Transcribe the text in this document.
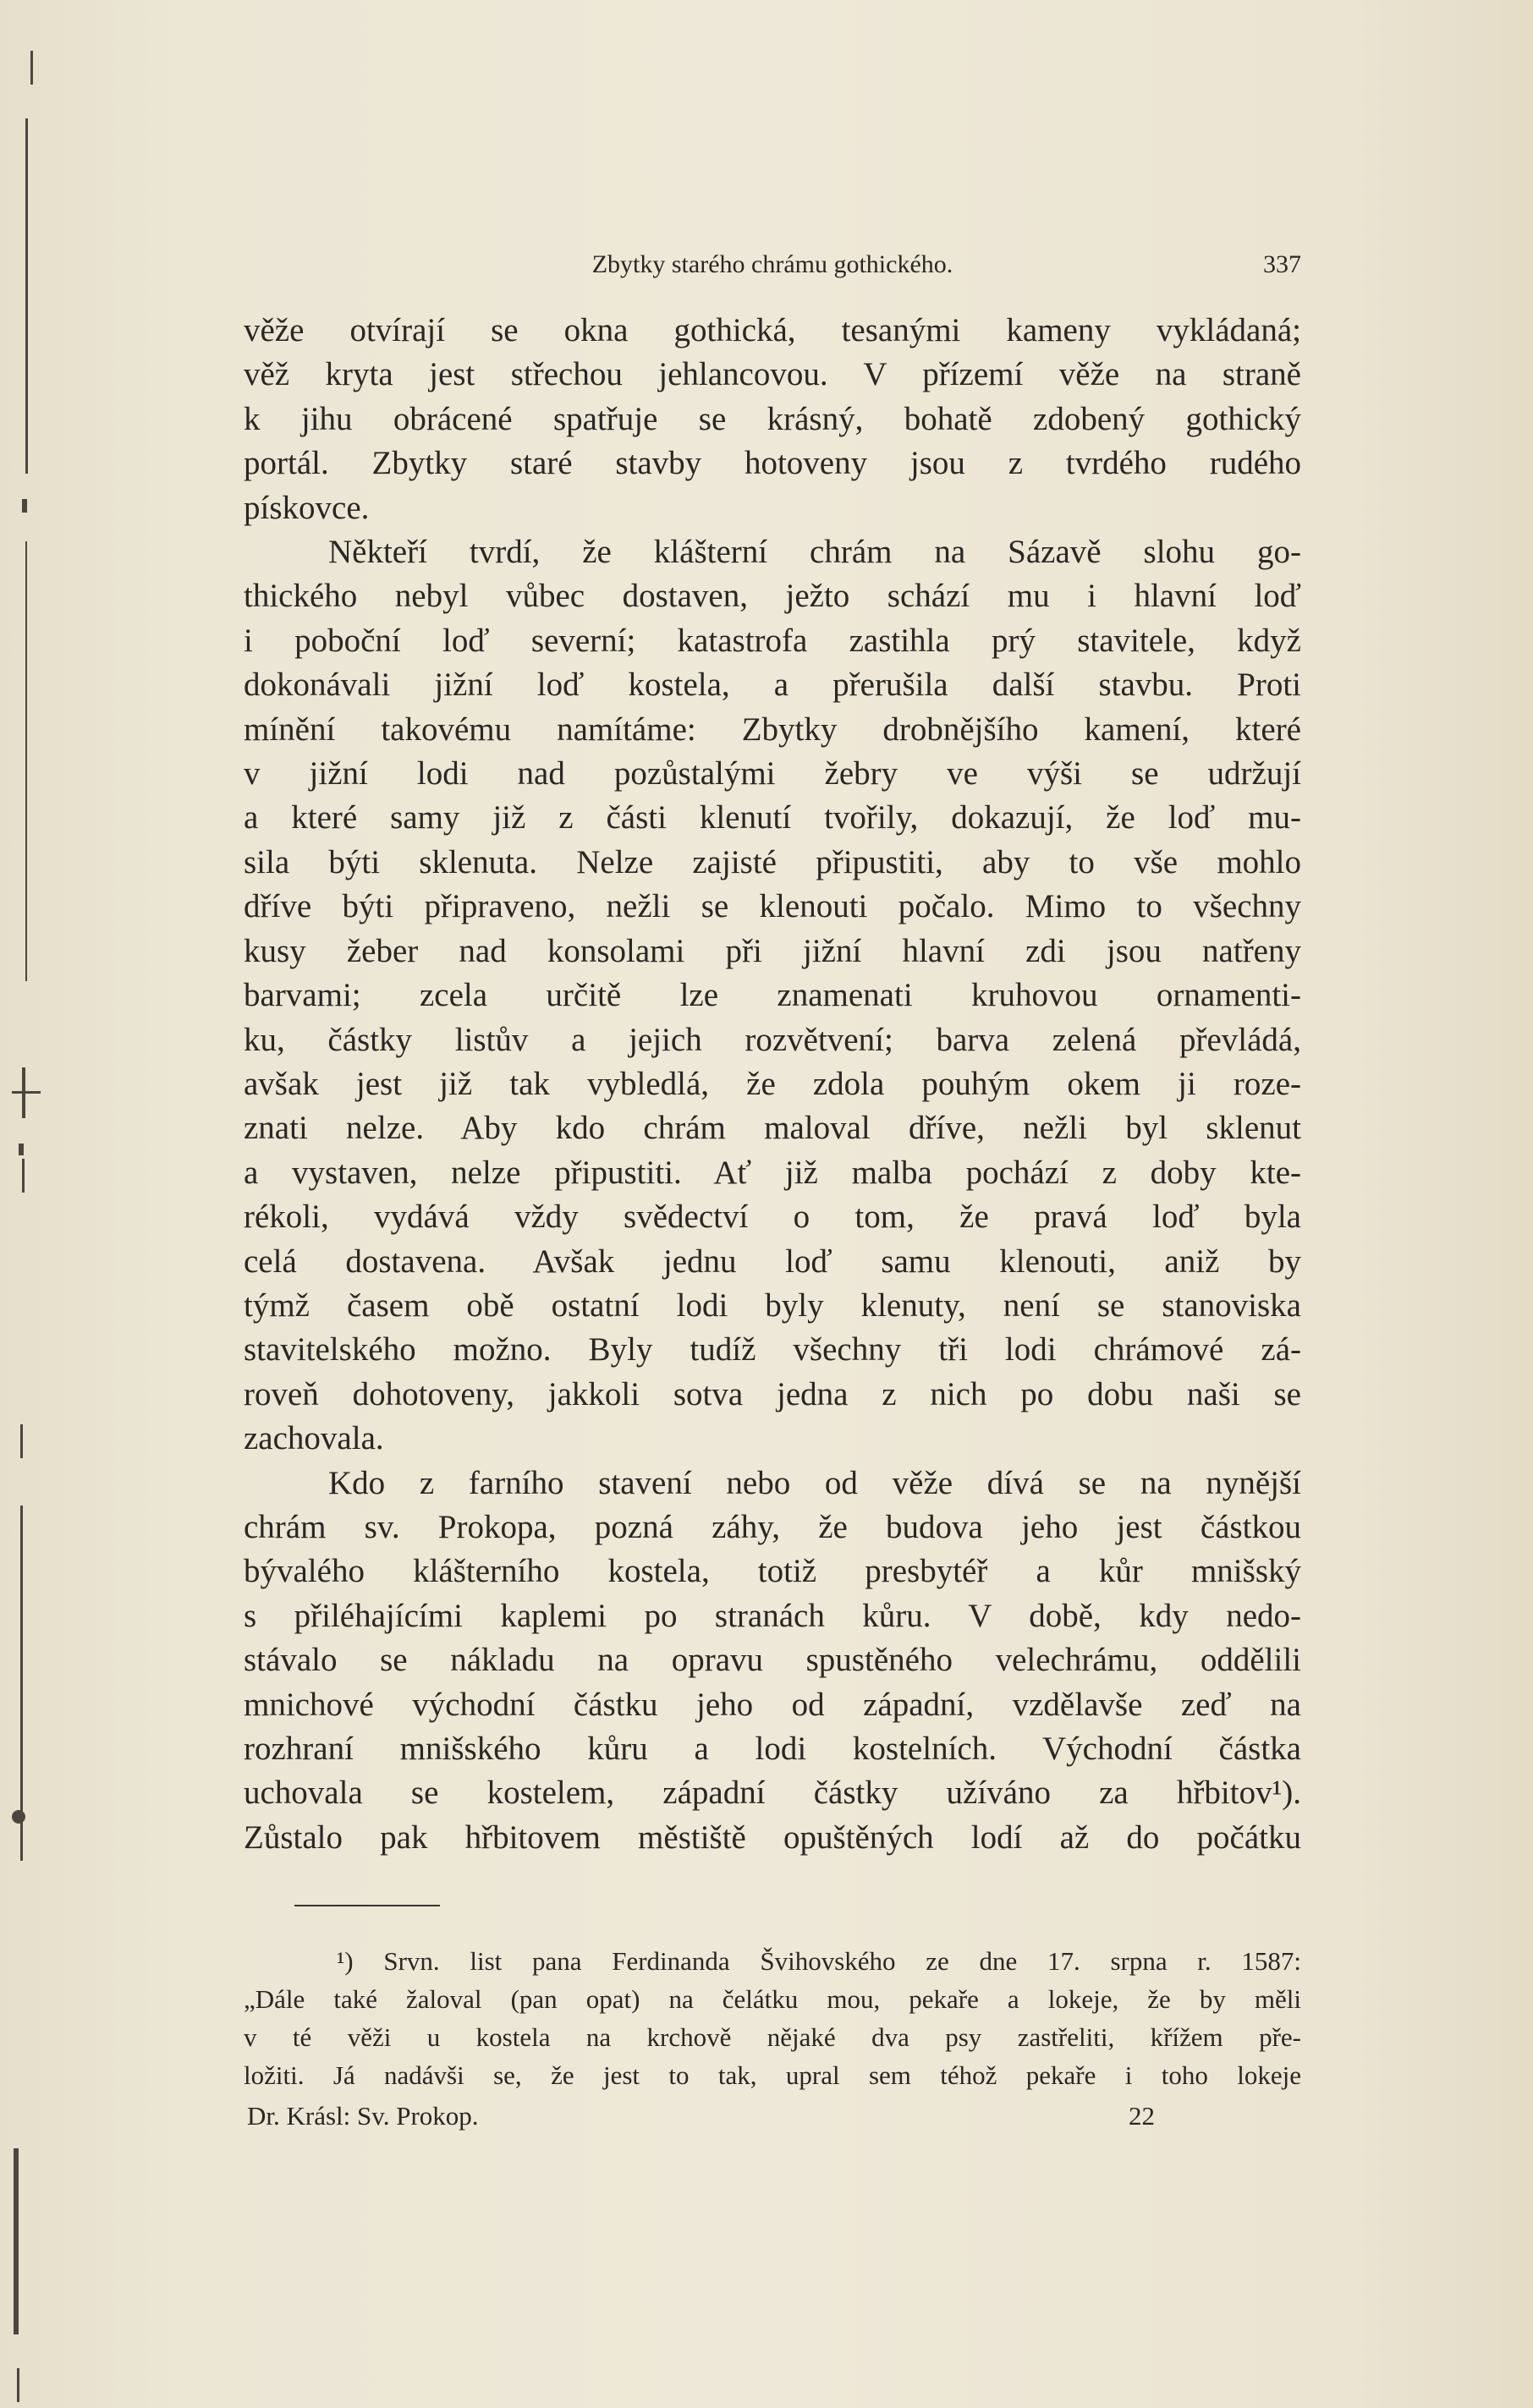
Zbytky starého chrámu gothického.	337

věže otvírají se okna gothická, tesanými kameny vykládaná;
věž kryta jest střechou jehlancovou. V přízemí věže na straně
k jihu obrácené spatřuje se krásný, bohatě zdobený gothický
portál. Zbytky staré stavby hotoveny jsou z tvrdého rudého
pískovce.

Někteří tvrdí, že klášterní chrám na Sázavě slohu go-
thického nebyl vůbec dostaven, ježto schází mu i hlavní loď
i poboční loď severní; katastrofa zastihla prý stavitele, když
dokonávali jižní loď kostela, a přerušila další stavbu. Proti
mínění takovému namítáme: Zbytky drobnějšího kamení, které
v jižní lodi nad pozůstalými žebry ve výši se udržují
a které samy již z části klenutí tvořily, dokazují, že loď mu-
sila býti sklenuta. Nelze zajisté připustiti, aby to vše mohlo
dříve býti připraveno, nežli se klenouti počalo. Mimo to všechny
kusy žeber nad konsolami při jižní hlavní zdi jsou natřeny
barvami; zcela určitě lze znamenati kruhovou ornamenti-
ku, částky listův a jejich rozvětvení; barva zelená převládá,
avšak jest již tak vybledlá, že zdola pouhým okem ji roze-
znati nelze. Aby kdo chrám maloval dříve, nežli byl sklenut
a vystaven, nelze připustiti. Ať již malba pochází z doby kte-
rékoli, vydává vždy svědectví o tom, že pravá loď byla
celá dostavena. Avšak jednu loď samu klenouti, aniž by
týmž časem obě ostatní lodi byly klenuty, není se stanoviska
stavitelského možno. Byly tudíž všechny tři lodi chrámové zá-
roveň dohotoveny, jakkoli sotva jedna z nich po dobu naši se
zachovala.

Kdo z farního stavení nebo od věže dívá se na nynější
chrám sv. Prokopa, pozná záhy, že budova jeho jest částkou
bývalého klášterního kostela, totiž presbytéř a kůr mnišský
s přiléhajícími kaplemi po stranách kůru. V době, kdy nedo-
stávalo se nákladu na opravu spustěného velechrámu, oddělili
mnichové východní částku jeho od západní, vzdělavše zeď na
rozhraní mnišského kůru a lodi kostelních. Východní částka
uchovala se kostelem, západní částky užíváno za hřbitov¹).
Zůstalo pak hřbitovem městiště opuštěných lodí až do počátku

¹) Srvn. list pana Ferdinanda Švihovského ze dne 17. srpna r. 1587:
„Dále také žaloval (pan opat) na čelátku mou, pekaře a lokeje, že by měli
v té věži u kostela na krchově nějaké dva psy zastřeliti, křížem pře-
ložiti. Já nadávši se, že jest to tak, upral sem téhož pekaře i toho lokeje
Dr. Krásl: Sv. Prokop.	22
